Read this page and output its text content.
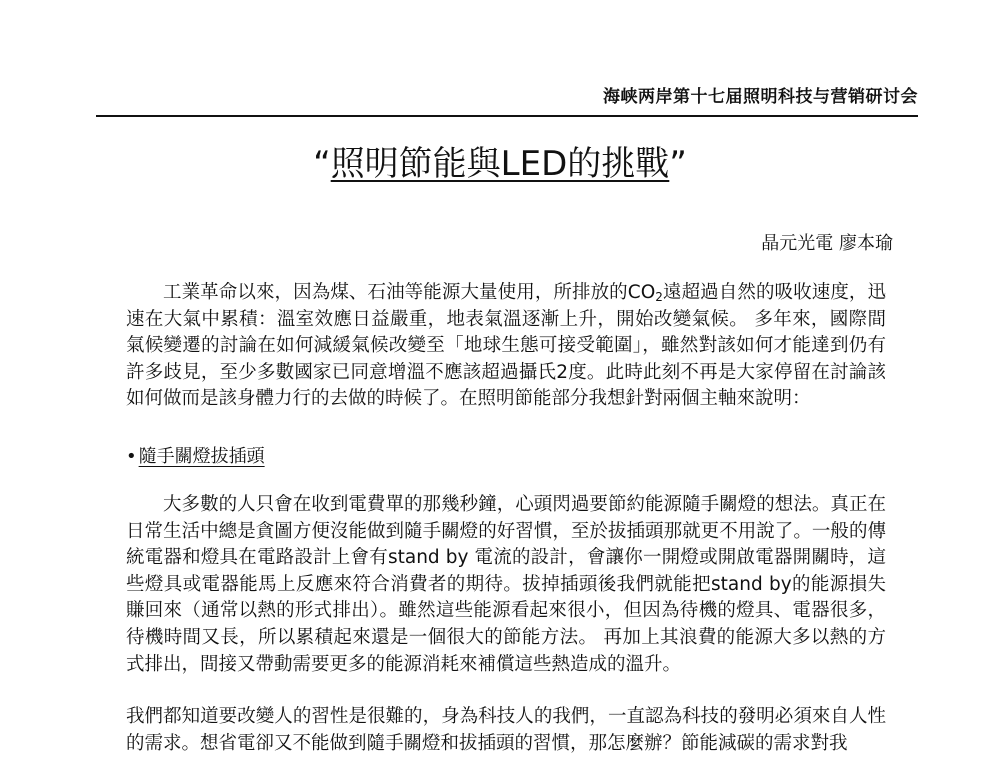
海峡两岸第十七届照明科技与营销研讨会
“照明節能與LED的挑戰”
晶元光電 廖本瑜

工業革命以來，因為煤、石油等能源大量使用，所排放的$CO_2$遠超過自然的吸收速度，迅速在大氣中累積：溫室效應日益嚴重，地表氣溫逐漸上升，開始改變氣候。 多年來，國際間氣候變遷的討論在如何減緩氣候改變至「地球生態可接受範圍」，雖然對該如何才能達到仍有許多歧見，至少多數國家已同意增溫不應該超過攝氏2度。此時此刻不再是大家停留在討論該如何做而是該身體力行的去做的時候了。在照明節能部分我想針對兩個主軸來說明：

• 隨手關燈拔插頭

大多數的人只會在收到電費單的那幾秒鐘，心頭閃過要節約能源隨手關燈的想法。真正在日常生活中總是貪圖方便沒能做到隨手關燈的好習慣，至於拔插頭那就更不用說了。一般的傳統電器和燈具在電路設計上會有stand by 電流的設計，會讓你一開燈或開啟電器開關時，這些燈具或電器能馬上反應來符合消費者的期待。拔掉插頭後我們就能把stand by的能源損失賺回來（通常以熱的形式排出）。雖然這些能源看起來很小，但因為待機的燈具、電器很多，待機時間又長，所以累積起來還是一個很大的節能方法。 再加上其浪費的能源大多以熱的方式排出，間接又帶動需要更多的能源消耗來補償這些熱造成的溫升。

我們都知道要改變人的習性是很難的，身為科技人的我們，一直認為科技的發明必須來自人性的需求。想省電卻又不能做到隨手關燈和拔插頭的習慣，那怎麼辦？節能減碳的需求對我
